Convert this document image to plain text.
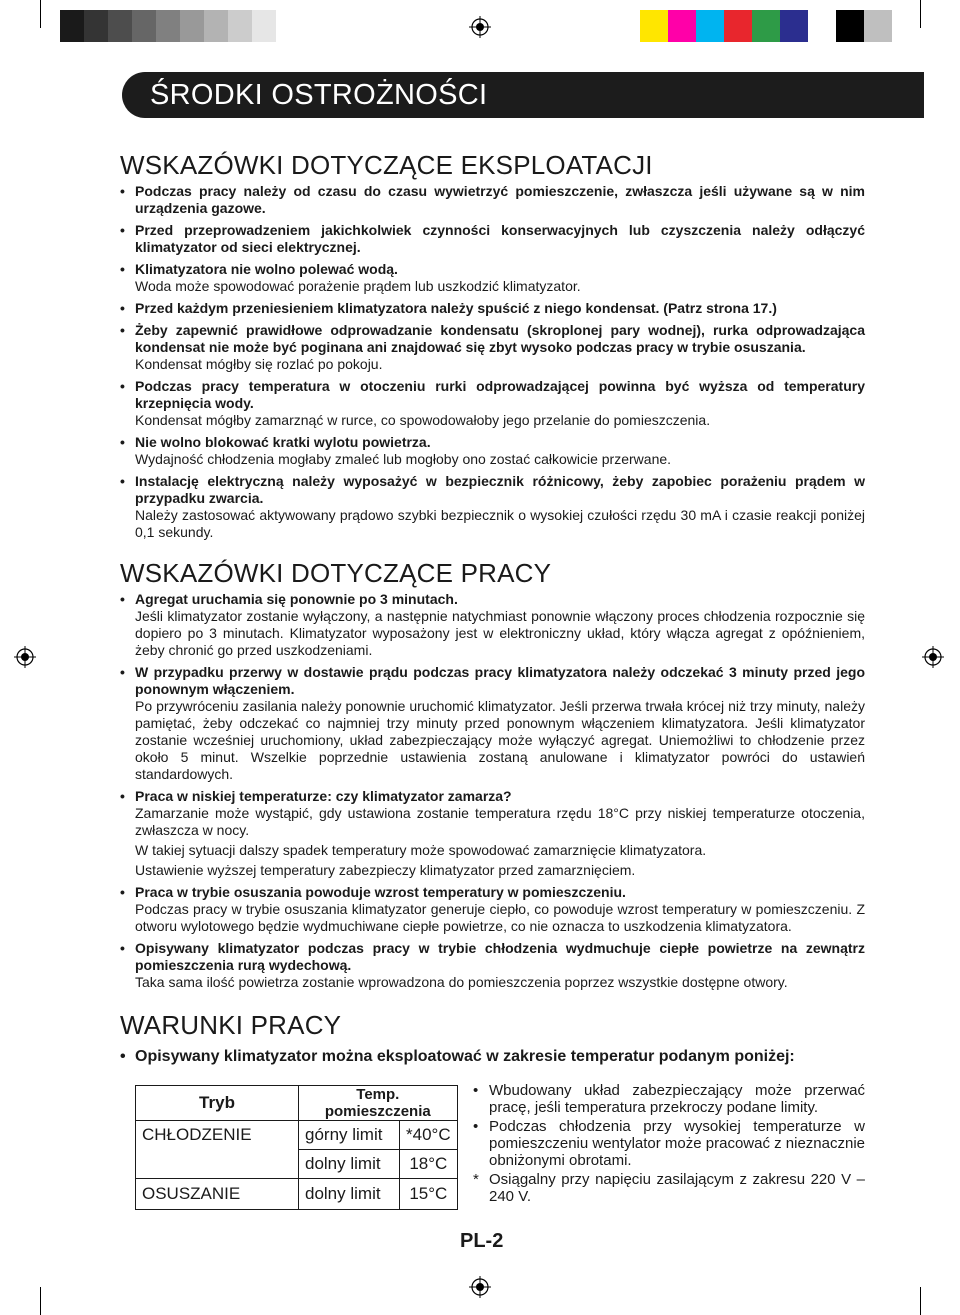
ŚRODKI OSTROŻNOŚCI
WSKAZÓWKI DOTYCZĄCE EKSPLOATACJI
• Podczas pracy należy od czasu do czasu wywietrzyć pomieszczenie, zwłaszcza jeśli używane są w nim urządzenia gazowe.
• Przed przeprowadzeniem jakichkolwiek czynności konserwacyjnych lub czyszczenia należy odłączyć klimatyzator od sieci elektrycznej.
• Klimatyzatora nie wolno polewać wodą.
Woda może spowodować porażenie prądem lub uszkodzić klimatyzator.
• Przed każdym przeniesieniem klimatyzatora należy spuścić z niego kondensat. (Patrz strona 17.)
• Żeby zapewnić prawidłowe odprowadzanie kondensatu (skroplonej pary wodnej), rurka odprowadzająca kondensat nie może być poginana ani znajdować się zbyt wysoko podczas pracy w trybie osuszania.
Kondensat mógłby się rozlać po pokoju.
• Podczas pracy temperatura w otoczeniu rurki odprowadzającej powinna być wyższa od temperatury krzepnięcia wody.
Kondensat mógłby zamarznąć w rurce, co spowodowałoby jego przelanie do pomieszczenia.
• Nie wolno blokować kratki wylotu powietrza.
Wydajność chłodzenia mogłaby zmaleć lub mogłoby ono zostać całkowicie przerwane.
• Instalację elektryczną należy wyposażyć w bezpiecznik różnicowy, żeby zapobiec porażeniu prądem w przypadku zwarcia.
Należy zastosować aktywowany prądowo szybki bezpiecznik o wysokiej czułości rzędu 30 mA i czasie reakcji poniżej 0,1 sekundy.
WSKAZÓWKI DOTYCZĄCE PRACY
• Agregat uruchamia się ponownie po 3 minutach.
Jeśli klimatyzator zostanie wyłączony, a następnie natychmiast ponownie włączony proces chłodzenia rozpocznie się dopiero po 3 minutach. Klimatyzator wyposażony jest w elektroniczny układ, który włącza agregat z opóźnieniem, żeby chronić go przed uszkodzeniami.
• W przypadku przerwy w dostawie prądu podczas pracy klimatyzatora należy odczekać 3 minuty przed jego ponownym włączeniem.
Po przywróceniu zasilania należy ponownie uruchomić klimatyzator. Jeśli przerwa trwała krócej niż trzy minuty, należy pamiętać, żeby odczekać co najmniej trzy minuty przed ponownym włączeniem klimatyzatora. Jeśli klimatyzator zostanie wcześniej uruchomiony, układ zabezpieczający może wyłączyć agregat. Uniemożliwi to chłodzenie przez około 5 minut. Wszelkie poprzednie ustawienia zostaną anulowane i klimatyzator powróci do ustawień standardowych.
• Praca w niskiej temperaturze: czy klimatyzator zamarza?
Zamarzanie może wystąpić, gdy ustawiona zostanie temperatura rzędu 18°C przy niskiej temperaturze otoczenia, zwłaszcza w nocy.
W takiej sytuacji dalszy spadek temperatury może spowodować zamarznięcie klimatyzatora.
Ustawienie wyższej temperatury zabezpieczy klimatyzator przed zamarznięciem.
• Praca w trybie osuszania powoduje wzrost temperatury w pomieszczeniu.
Podczas pracy w trybie osuszania klimatyzator generuje ciepło, co powoduje wzrost temperatury w pomieszczeniu. Z otworu wylotowego będzie wydmuchiwane ciepłe powietrze, co nie oznacza to uszkodzenia klimatyzatora.
• Opisywany klimatyzator podczas pracy w trybie chłodzenia wydmuchuje ciepłe powietrze na zewnątrz pomieszczenia rurą wydechową.
Taka sama ilość powietrza zostanie wprowadzona do pomieszczenia poprzez wszystkie dostępne otwory.
WARUNKI PRACY
• Opisywany klimatyzator można eksploatować w zakresie temperatur podanym poniżej:
Tryb	Temp. pomieszczenia	
CHŁODZENIE	górny limit	*40°C
	dolny limit	18°C
OSUSZANIE	dolny limit	15°C
• Wbudowany układ zabezpieczający może przerwać pracę, jeśli temperatura przekroczy podane limity.
• Podczas chłodzenia przy wysokiej temperaturze w pomieszczeniu wentylator może pracować z nieznacznie obniżonymi obrotami.
* Osiągalny przy napięciu zasilającym z zakresu 220 V – 240 V.
PL-2
